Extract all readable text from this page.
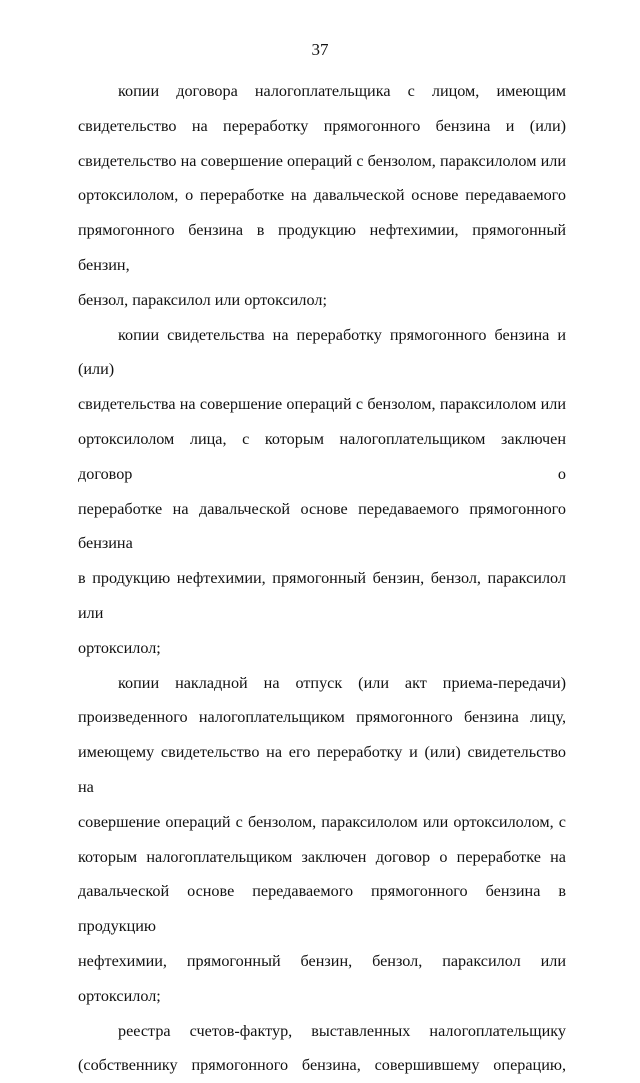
37
копии договора налогоплательщика с лицом, имеющим
свидетельство на переработку прямогонного бензина и (или)
свидетельство на совершение операций с бензолом, параксилолом или
ортоксилолом, о переработке на давальческой основе передаваемого
прямогонного бензина в продукцию нефтехимии, прямогонный бензин,
бензол, параксилол или ортоксилол;
копии свидетельства на переработку прямогонного бензина и (или)
свидетельства на совершение операций с бензолом, параксилолом или
ортоксилолом лица, с которым налогоплательщиком заключен договор о
переработке на давальческой основе передаваемого прямогонного бензина
в продукцию нефтехимии, прямогонный бензин, бензол, параксилол или
ортоксилол;
копии накладной на отпуск (или акт приема-передачи)
произведенного налогоплательщиком прямогонного бензина лицу,
имеющему свидетельство на его переработку и (или) свидетельство на
совершение операций с бензолом, параксилолом или ортоксилолом, с
которым налогоплательщиком заключен договор о переработке на
давальческой основе передаваемого прямогонного бензина в продукцию
нефтехимии, прямогонный бензин, бензол, параксилол или ортоксилол;
реестра счетов-фактур, выставленных налогоплательщику
(собственнику прямогонного бензина, совершившему операцию,
